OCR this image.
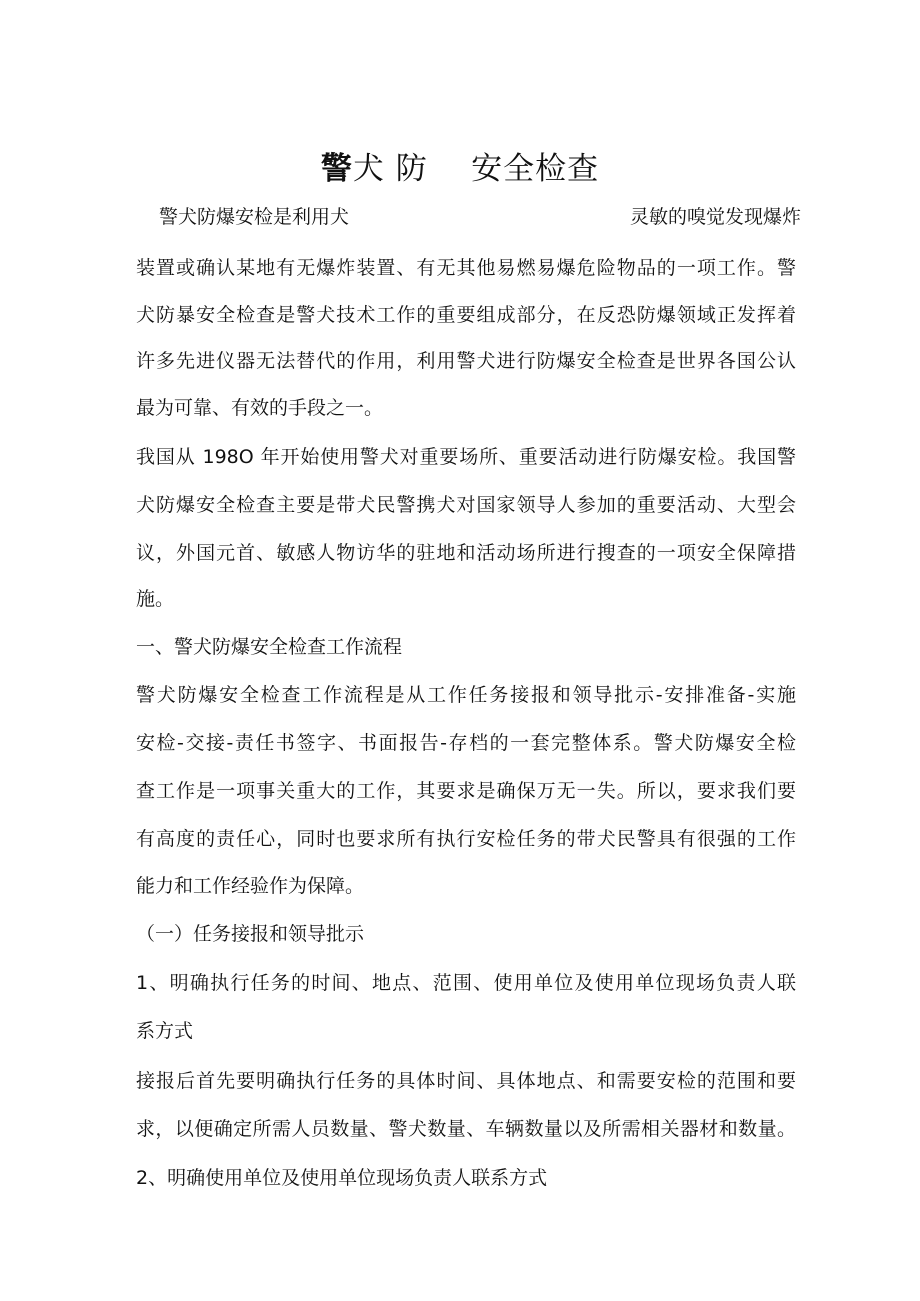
警犬 防    安全检查
警犬防爆安检是利用犬	灵敏的嗅觉发现爆炸
装置或确认某地有无爆炸装置、有无其他易燃易爆危险物品的一项工作。警
犬防暴安全检查是警犬技术工作的重要组成部分，在反恐防爆领域正发挥着
许多先进仪器无法替代的作用，利用警犬进行防爆安全检查是世界各国公认
最为可靠、有效的手段之一。
我国从 198O 年开始使用警犬对重要场所、重要活动进行防爆安检。我国警
犬防爆安全检查主要是带犬民警携犬对国家领导人参加的重要活动、大型会
议，外国元首、敏感人物访华的驻地和活动场所进行搜查的一项安全保障措
施。
一、警犬防爆安全检查工作流程
警犬防爆安全检查工作流程是从工作任务接报和领导批示-安排准备-实施
安检-交接-责任书签字、书面报告-存档的一套完整体系。警犬防爆安全检
查工作是一项事关重大的工作，其要求是确保万无一失。所以，要求我们要
有高度的责任心，同时也要求所有执行安检任务的带犬民警具有很强的工作
能力和工作经验作为保障。
（一）任务接报和领导批示
1、明确执行任务的时间、地点、范围、使用单位及使用单位现场负责人联
系方式
接报后首先要明确执行任务的具体时间、具体地点、和需要安检的范围和要
求，以便确定所需人员数量、警犬数量、车辆数量以及所需相关器材和数量。
2、明确使用单位及使用单位现场负责人联系方式
